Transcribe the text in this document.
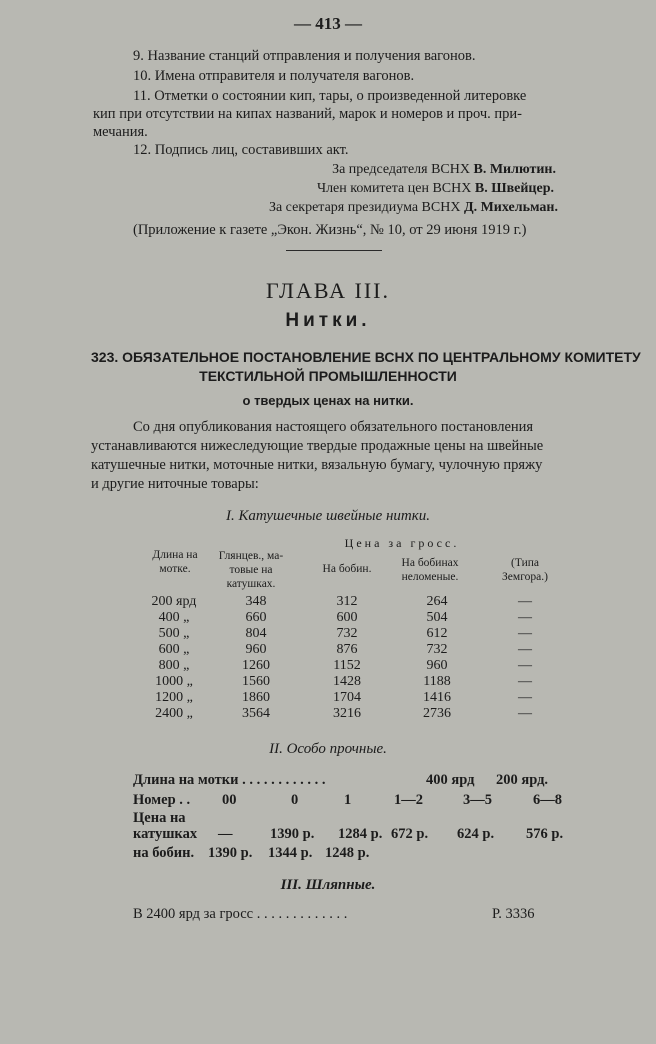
— 413 —
9. Название станций отправления и получения вагонов.
10. Имена отправителя и получателя вагонов.
11. Отметки о состоянии кип, тары, о произведенной литеровке
кип при отсутствии на кипах названий, марок и номеров и проч. при-
мечания.
12. Подпись лиц, составивших акт.
За председателя ВСНХ В. Милютин.
Член комитета цен ВСНХ В. Швейцер.
За секретаря президиума ВСНХ Д. Михельман.
(Приложение к газете „Экон. Жизнь“, № 10, от 29 июня 1919 г.)
ГЛАВА III.
Нитки.
323. ОБЯЗАТЕЛЬНОЕ ПОСТАНОВЛЕНИЕ ВСНХ ПО ЦЕНТРАЛЬНОМУ КОМИТЕТУ
ТЕКСТИЛЬНОЙ ПРОМЫШЛЕННОСТИ
о твердых ценах на нитки.
Со дня опубликования настоящего обязательного постановления
устанавливаются нижеследующие твердые продажные цены на швейные
катушечные нитки, моточные нитки, вязальную бумагу, чулочную пряжу
и другие ниточные товары:
I. Катушечные швейные нитки.
Цена за гросс.
Длина на мотке.
Глянцев., ма- товые на катушках.
На бобин.	На бобинах неломеные.
(Типа Земгора.)
200 ярд	348	312	264	—
400 „	660	600	504	—
500 „	804	732	612	—
600 „	960	876	732	—
800 „	1260	1152	960	—
1000 „	1560	1428	1188	—
1200 „	1860	1704	1416	—
2400 „	3564	3216	2736	—
II. Особо прочные.
Длина на мотки . . . . . . . . . . . .	400 ярд 200 ярд.
Номер . . 00	0	1	1—2	3—5	6—8
Цена на
катушках —	1390 р. 1284 р. 672 р. 624 р. 576 р.
на бобин. 1390 р. 1344 р. 1248 р.
III. Шляпные.
В 2400 ярд за гросс . . . . . . . . . . . . .	Р. 3336
